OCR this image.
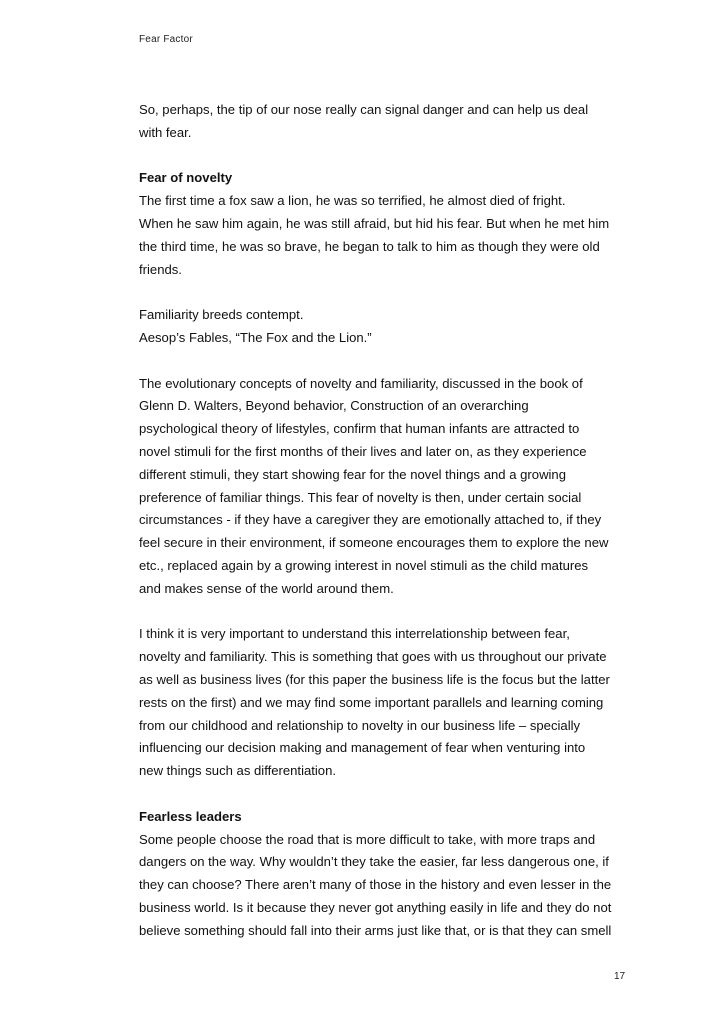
Fear Factor

So, perhaps, the tip of our nose really can signal danger and can help us deal

with fear.

Fear of novelty

The first time a fox saw a lion, he was so terrified, he almost died of fright.

When he saw him again, he was still afraid, but hid his fear. But when he met him

the third time, he was so brave, he began to talk to him as though they were old

friends.

Familiarity breeds contempt.

Aesop’s Fables, “The Fox and the Lion.”

The evolutionary concepts of novelty and familiarity, discussed in the book of

Glenn D. Walters, Beyond behavior, Construction of an overarching

psychological theory of lifestyles, confirm that human infants are attracted to

novel stimuli for the first months of their lives and later on, as they experience

different stimuli, they start showing fear for the novel things and a growing

preference of familiar things. This fear of novelty is then, under certain social

circumstances - if they have a caregiver they are emotionally attached to, if they

feel secure in their environment, if someone encourages them to explore the new

etc., replaced again by a growing interest in novel stimuli as the child matures

and makes sense of the world around them.

I think it is very important to understand this interrelationship between fear,

novelty and familiarity. This is something that goes with us throughout our private

as well as business lives (for this paper the business life is the focus but the latter

rests on the first) and we may find some important parallels and learning coming

from our childhood and relationship to novelty in our business life – specially

influencing our decision making and management of fear when venturing into

new things such as differentiation.

Fearless leaders

Some people choose the road that is more difficult to take, with more traps and

dangers on the way. Why wouldn’t they take the easier, far less dangerous one, if

they can choose? There aren’t many of those in the history and even lesser in the

business world. Is it because they never got anything easily in life and they do not

believe something should fall into their arms just like that, or is that they can smell

17
